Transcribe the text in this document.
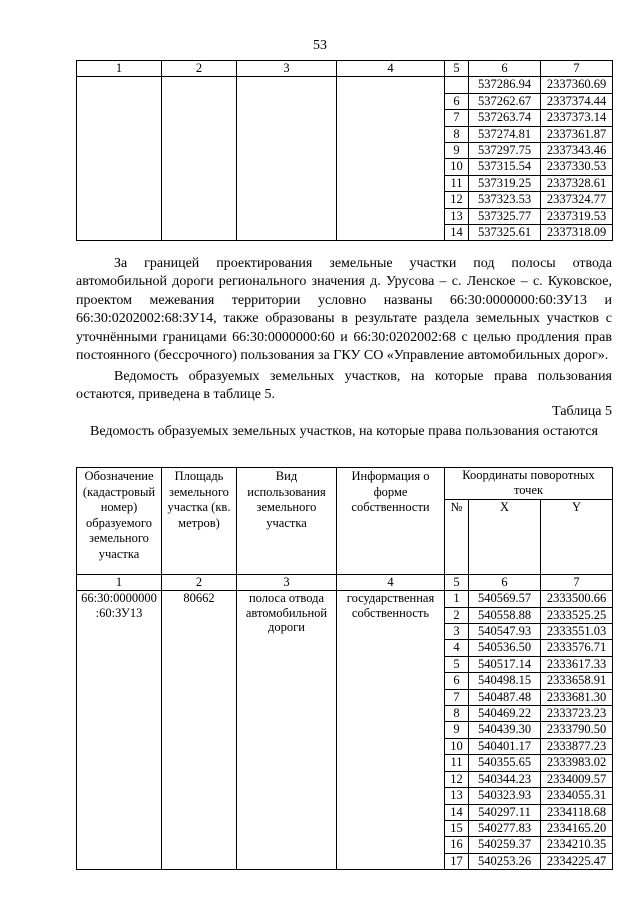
53
1	2	3	4	5	6	7
					537286.94	2337360.69
				6	537262.67	2337374.44
				7	537263.74	2337373.14
				8	537274.81	2337361.87
				9	537297.75	2337343.46
				10	537315.54	2337330.53
				11	537319.25	2337328.61
				12	537323.53	2337324.77
				13	537325.77	2337319.53
				14	537325.61	2337318.09
За границей проектирования земельные участки под полосы отвода автомобильной дороги регионального значения д. Урусова – с. Ленское – с. Куковское, проектом межевания территории условно названы 66:30:0000000:60:ЗУ13 и 66:30:0202002:68:ЗУ14, также образованы в результате раздела земельных участков с уточнёнными границами 66:30:0000000:60 и 66:30:0202002:68 с целью продления прав постоянного (бессрочного) пользования за ГКУ СО «Управление автомобильных дорог».
Ведомость образуемых земельных участков, на которые права пользования остаются, приведена в таблице 5.
Таблица 5
Ведомость образуемых земельных участков, на которые права пользования остаются
Обозначение (кадастровый номер) образуемого земельного участка	Площадь земельного участка (кв. метров)	Вид использования земельного участка	Информация о форме собственности	Координаты поворотных точек		
				№	X	Y
1	2	3	4	5	6	7
66:30:0000000 :60:ЗУ13	80662	полоса отвода автомобильной дороги	государственная собственность	1	540569.57	2333500.66
				2	540558.88	2333525.25
				3	540547.93	2333551.03
				4	540536.50	2333576.71
				5	540517.14	2333617.33
				6	540498.15	2333658.91
				7	540487.48	2333681.30
				8	540469.22	2333723.23
				9	540439.30	2333790.50
				10	540401.17	2333877.23
				11	540355.65	2333983.02
				12	540344.23	2334009.57
				13	540323.93	2334055.31
				14	540297.11	2334118.68
				15	540277.83	2334165.20
				16	540259.37	2334210.35
				17	540253.26	2334225.47
